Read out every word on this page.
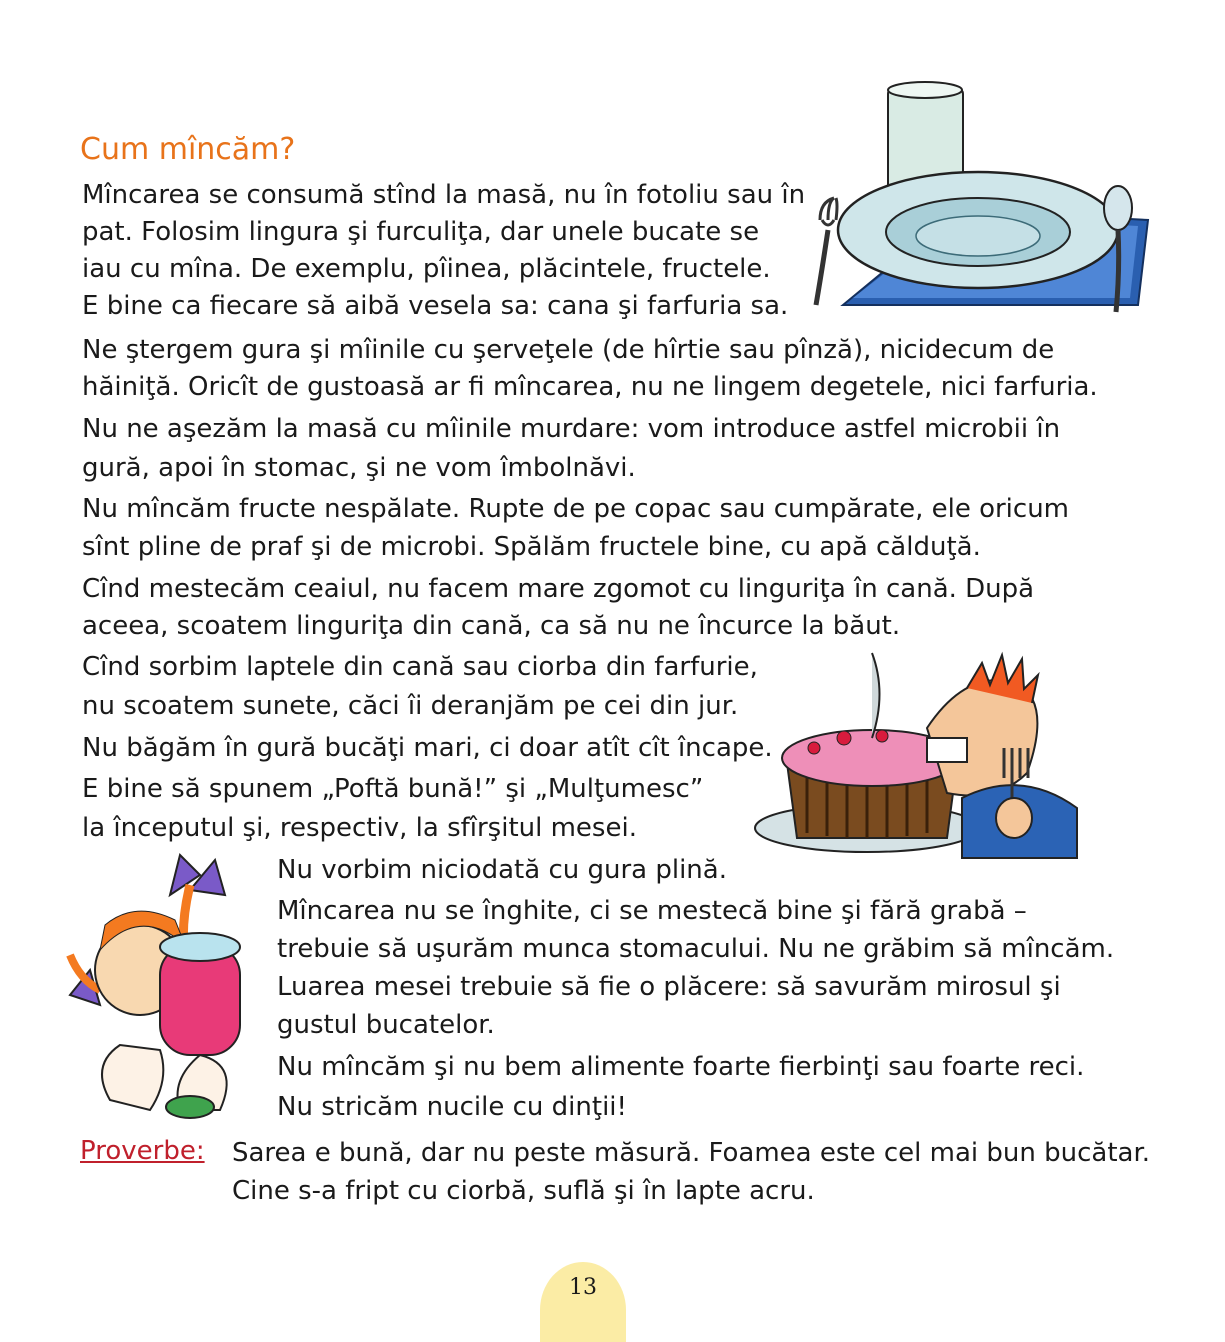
Cum mîncăm?
Mîncarea se consumă stînd la masă, nu în fotoliu sau în
pat. Folosim lingura şi furculiţa, dar unele bucate se
iau cu mîna. De exemplu, pîinea, plăcintele, fructele.
E bine ca fiecare să aibă vesela sa: cana şi farfuria sa.
Ne ştergem gura şi mîinile cu şerveţele (de hîrtie sau pînză), nicidecum de
hăiniţă. Oricît de gustoasă ar fi mîncarea, nu ne lingem degetele, nici farfuria.
Nu ne aşezăm la masă cu mîinile murdare: vom introduce astfel microbii în
gură, apoi în stomac, şi ne vom îmbolnăvi.
Nu mîncăm fructe nespălate. Rupte de pe copac sau cumpărate, ele oricum
sînt pline de praf şi de microbi. Spălăm fructele bine, cu apă călduţă.
Cînd mestecăm ceaiul, nu facem mare zgomot cu linguriţa în cană. După
aceea, scoatem linguriţa din cană, ca să nu ne încurce la băut.
Cînd sorbim laptele din cană sau ciorba din farfurie,
nu scoatem sunete, căci îi deranjăm pe cei din jur.
Nu băgăm în gură bucăţi mari, ci doar atît cît încape.
E bine să spunem „Poftă bună!” şi „Mulţumesc”
la începutul şi, respectiv, la sfîrşitul mesei.
Nu vorbim niciodată cu gura plină.
Mîncarea nu se înghite, ci se mestecă bine şi fără grabă –
trebuie să uşurăm munca stomacului. Nu ne grăbim să mîncăm.
Luarea mesei trebuie să fie o plăcere: să savurăm mirosul şi
gustul bucatelor.
Nu mîncăm şi nu bem alimente foarte fierbinţi sau foarte reci.
Nu stricăm nucile cu dinţii!
Proverbe: Sarea e bună, dar nu peste măsură. Foamea este cel mai bun bucătar.
Cine s-a fript cu ciorbă, suflă şi în lapte acru.
13
